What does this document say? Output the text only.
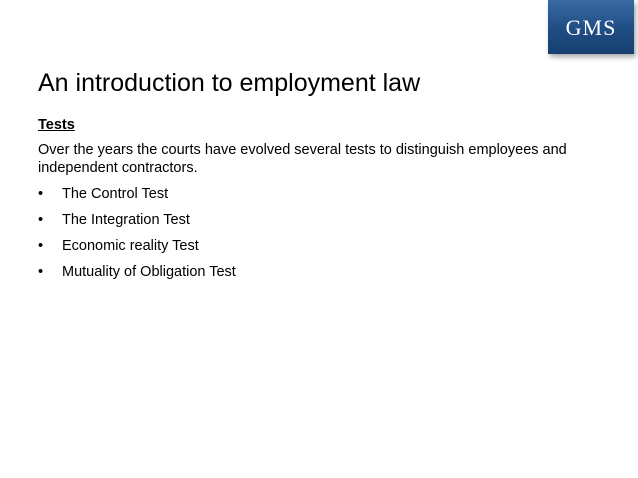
GMS
An introduction to employment law
Tests
Over the years the courts have evolved several tests to distinguish employees and independent contractors.
•	The Control Test
•	The Integration Test
•	Economic reality Test
•	Mutuality of Obligation Test
